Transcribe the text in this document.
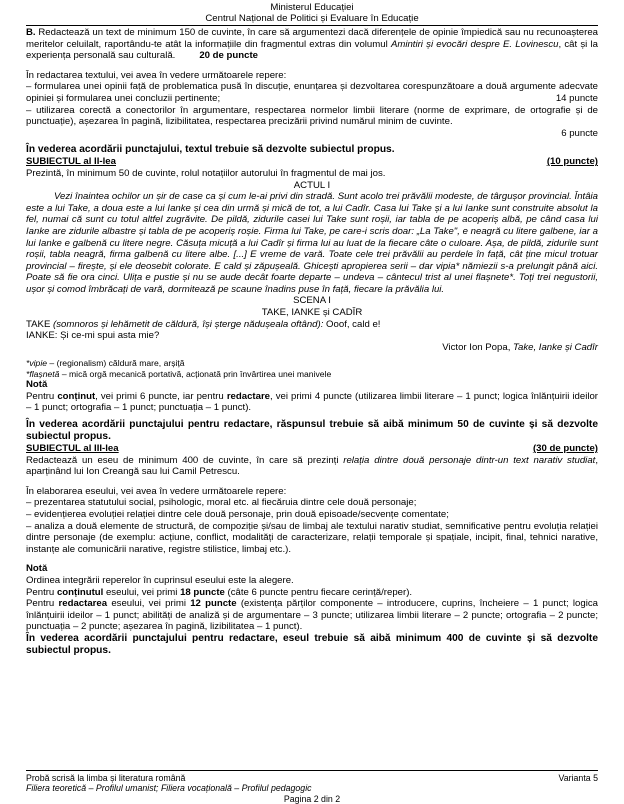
Ministerul Educației
Centrul Național de Politici și Evaluare în Educație

B. Redactează un text de minimum 150 de cuvinte, în care să argumentezi dacă diferențele de opinie împiedică sau nu recunoașterea meritelor celuilalt, raportându-te atât la informațiile din fragmentul extras din volumul Amintiri și evocări despre E. Lovinescu, cât și la experiența personală sau culturală.	20 de puncte

În redactarea textului, vei avea în vedere următoarele repere:

– formularea unei opinii față de problematica pusă în discuție, enunțarea și dezvoltarea corespunzătoare a două argumente adecvate opiniei și formularea unei concluzii pertinente;	14 puncte

– utilizarea corectă a conectorilor în argumentare, respectarea normelor limbii literare (norme de exprimare, de ortografie și de punctuație), așezarea în pagină, lizibilitatea, respectarea precizării privind numărul minim de cuvinte.

6 puncte

În vederea acordării punctajului, textul trebuie să dezvolte subiectul propus.

SUBIECTUL al II-lea	(10 puncte)

Prezintă, în minimum 50 de cuvinte, rolul notațiilor autorului în fragmentul de mai jos.

ACTUL I

Vezi înaintea ochilor un șir de case ca și cum le-ai privi din stradă. Sunt acolo trei prăvălii modeste, de târgușor provincial. Întâia este a lui Take, a doua este a lui Ianke și cea din urmă și mică de tot, a lui Cadîr. Casa lui Take și a lui Ianke sunt construite absolut la fel, numai că sunt cu totul altfel zugrăvite. De pildă, zidurile casei lui Take sunt roșii, iar tabla de pe acoperiș albă, pe când casa lui Ianke are zidurile albastre și tabla de pe acoperiș roșie. Firma lui Take, pe care-i scris doar: „La Take", e neagră cu litere galbene, iar a lui Ianke e galbenă cu litere negre. Căsuța micuță a lui Cadîr și firma lui au luat de la fiecare câte o culoare. Așa, de pildă, zidurile sunt roșii, tabla neagră, firma galbenă cu litere albe. [...] E vreme de vară. Toate cele trei prăvălii au perdele în față, cât ține micul trotuar provincial – firește, și ele deosebit colorate. E cald și zăpușeală. Ghicești apropierea serii – dar vipia* nămiezii s-a prelungit până aici. Poate să fie ora cinci. Ulița e pustie și nu se aude decât foarte departe – undeva – cântecul trist al unei flașnete*. Toți trei negustorii, ușor și comod îmbrăcați de vară, dormitează pe scaune înadins puse în față, fiecare la prăvălia lui.

SCENA I

TAKE, IANKE și CADÎR

TAKE (somnoros și lehămetit de căldură, își șterge nădușeala oftând): Ooof, cald e!

IANKE: Și ce-mi spui asta mie?

Victor Ion Popa, Take, Ianke și Cadîr

*vipie – (regionalism) căldură mare, arșiță

*flașnetă – mică orgă mecanică portativă, acționată prin învârtirea unei manivele

Notă

Pentru conținut, vei primi 6 puncte, iar pentru redactare, vei primi 4 puncte (utilizarea limbii literare – 1 punct; logica înlănțuirii ideilor – 1 punct; ortografia – 1 punct; punctuația – 1 punct).

În vederea acordării punctajului pentru redactare, răspunsul trebuie să aibă minimum 50 de cuvinte și să dezvolte subiectul propus.

SUBIECTUL al III-lea	(30 de puncte)

Redactează un eseu de minimum 400 de cuvinte, în care să prezinți relația dintre două personaje dintr-un text narativ studiat, aparținând lui Ion Creangă sau lui Camil Petrescu.

În elaborarea eseului, vei avea în vedere următoarele repere:

– prezentarea statutului social, psihologic, moral etc. al fiecăruia dintre cele două personaje;

– evidențierea evoluției relației dintre cele două personaje, prin două episoade/secvențe comentate;

– analiza a două elemente de structură, de compoziție și/sau de limbaj ale textului narativ studiat, semnificative pentru evoluția relației dintre personaje (de exemplu: acțiune, conflict, modalități de caracterizare, relații temporale și spațiale, incipit, final, tehnici narative, instanțe ale comunicării narative, registre stilistice, limbaj etc.).

Notă

Ordinea integrării reperelor în cuprinsul eseului este la alegere.

Pentru conținutul eseului, vei primi 18 puncte (câte 6 puncte pentru fiecare cerință/reper).

Pentru redactarea eseului, vei primi 12 puncte (existența părților componente – introducere, cuprins, încheiere – 1 punct; logica înlănțuirii ideilor – 1 punct; abilități de analiză și de argumentare – 3 puncte; utilizarea limbii literare – 2 puncte; ortografia – 2 puncte; punctuația – 2 puncte; așezarea în pagină, lizibilitatea – 1 punct).

În vederea acordării punctajului pentru redactare, eseul trebuie să aibă minimum 400 de cuvinte și să dezvolte subiectul propus.

Probă scrisă la limba și literatura română	Varianta 5
Filiera teoretică – Profilul umanist; Filiera vocațională – Profilul pedagogic
Pagina 2 din 2
